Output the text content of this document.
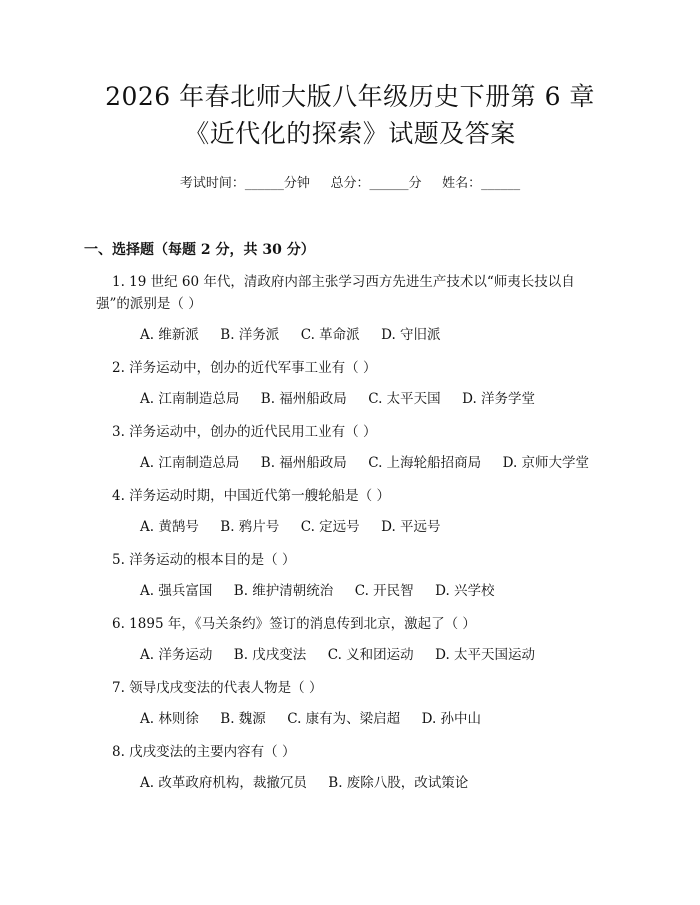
2026 年春北师大版八年级历史下册第 6 章
《近代化的探索》试题及答案
考试时间：______分钟     总分：______分     姓名：______
一、选择题（每题 2 分，共 30 分）

1. 19 世纪 60 年代，清政府内部主张学习西方先进生产技术以“师夷长技以自强”的派别是（ ）

A. 维新派     B. 洋务派     C. 革命派     D. 守旧派

2. 洋务运动中，创办的近代军事工业有（ ）

A. 江南制造总局     B. 福州船政局     C. 太平天国     D. 洋务学堂

3. 洋务运动中，创办的近代民用工业有（ ）

A. 江南制造总局     B. 福州船政局     C. 上海轮船招商局     D. 京师大学堂

4. 洋务运动时期，中国近代第一艘轮船是（ ）

A. 黄鹄号     B. 鸦片号     C. 定远号     D. 平远号

5. 洋务运动的根本目的是（ ）

A. 强兵富国     B. 维护清朝统治     C. 开民智     D. 兴学校

6. 1895 年，《马关条约》签订的消息传到北京，激起了（ ）

A. 洋务运动     B. 戊戌变法     C. 义和团运动     D. 太平天国运动

7. 领导戊戌变法的代表人物是（ ）

A. 林则徐     B. 魏源     C. 康有为、梁启超     D. 孙中山

8. 戊戌变法的主要内容有（ ）

A. 改革政府机构，裁撤冗员     B. 废除八股，改试策论
